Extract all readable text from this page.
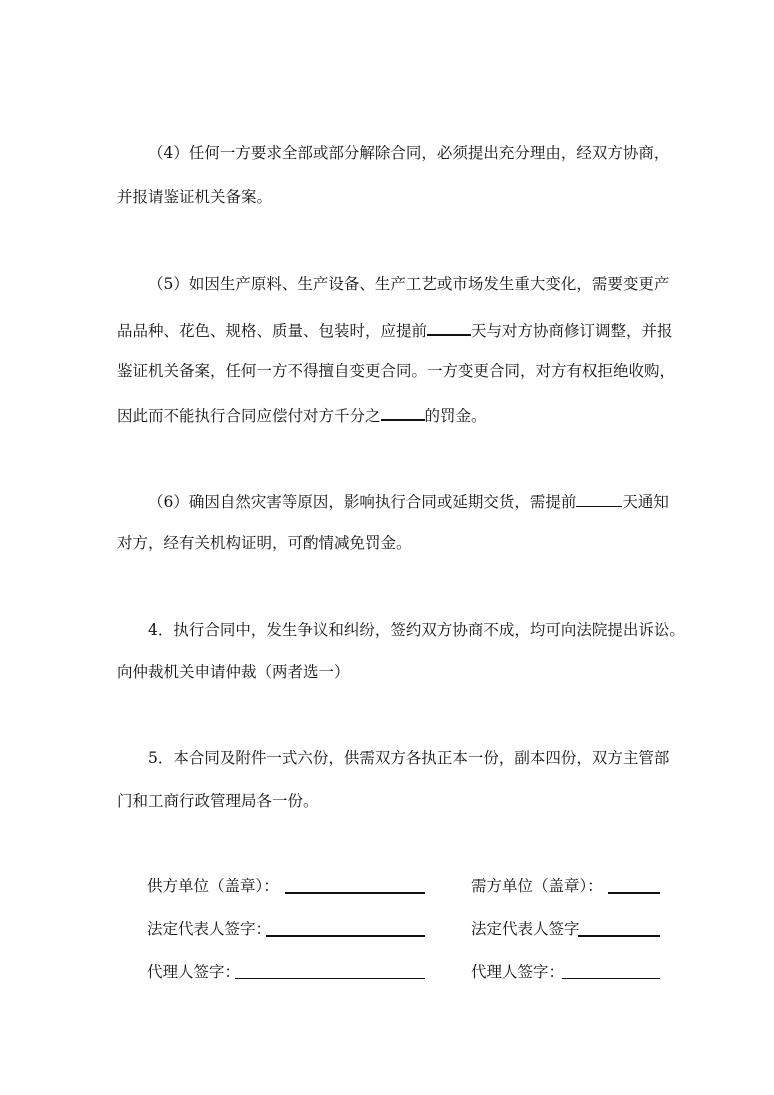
（4）任何一方要求全部或部分解除合同，必须提出充分理由，经双方协商，
并报请鉴证机关备案。
（5）如因生产原料、生产设备、生产工艺或市场发生重大变化，需要变更产
品品种、花色、规格、质量、包装时，应提前	天与对方协商修订调整，并报
鉴证机关备案，任何一方不得擅自变更合同。一方变更合同，对方有权拒绝收购，
因此而不能执行合同应偿付对方千分之	的罚金。
（6）确因自然灾害等原因，影响执行合同或延期交货，需提前	天通知
对方，经有关机构证明，可酌情减免罚金。
4．执行合同中，发生争议和纠纷，签约双方协商不成，均可向法院提出诉讼。
向仲裁机关申请仲裁（两者选一）
5．本合同及附件一式六份，供需双方各执正本一份，副本四份，双方主管部
门和工商行政管理局各一份。
供方单位（盖章）：	需方单位（盖章）：
法定代表人签字：	法定代表人签字
代理人签字：	代理人签字：
